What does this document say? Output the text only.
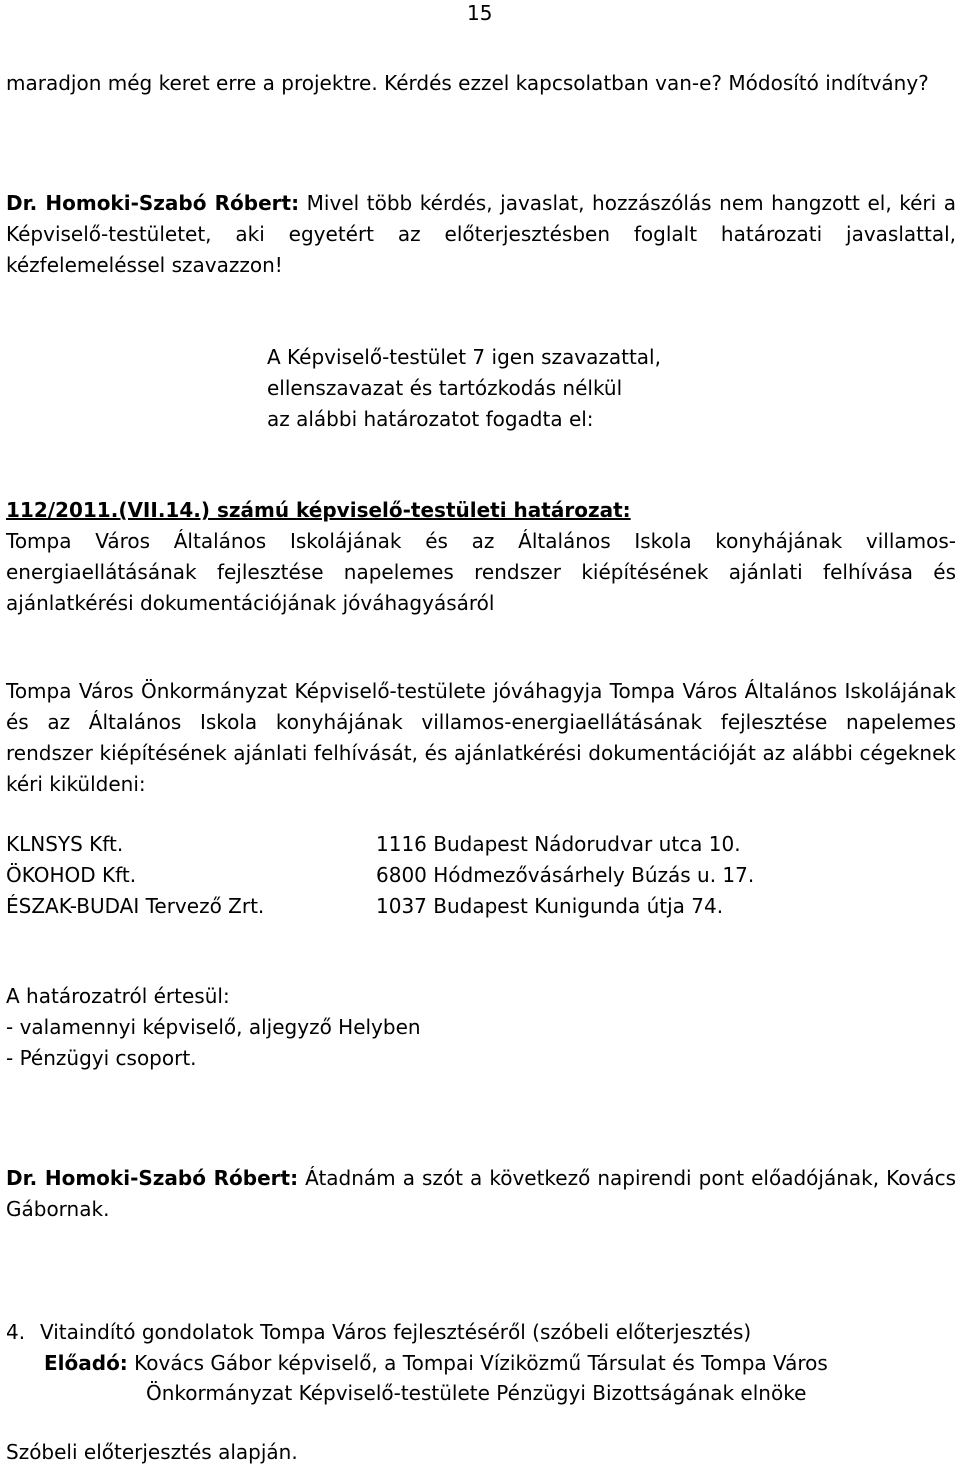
15

maradjon még keret erre a projektre. Kérdés ezzel kapcsolatban van-e? Módosító indítvány?

Dr. Homoki-Szabó Róbert: Mivel több kérdés, javaslat, hozzászólás nem hangzott el, kéri a Képviselő-testületet, aki egyetért az előterjesztésben foglalt határozati javaslattal, kézfelemeléssel szavazzon!

A Képviselő-testület 7 igen szavazattal,
ellenszavazat és tartózkodás nélkül
az alábbi határozatot fogadta el:
112/2011.(VII.14.) számú képviselő-testületi határozat:

Tompa Város Általános Iskolájának és az Általános Iskola konyhájának villamos-energiaellátásának fejlesztése napelemes rendszer kiépítésének ajánlati felhívása és ajánlatkérési dokumentációjának jóváhagyásáról

Tompa Város Önkormányzat Képviselő-testülete jóváhagyja Tompa Város Általános Iskolájának és az Általános Iskola konyhájának villamos-energiaellátásának fejlesztése napelemes rendszer kiépítésének ajánlati felhívását, és ajánlatkérési dokumentációját az alábbi cégeknek kéri kiküldeni:

KLNSYS Kft.	1116 Budapest Nádorudvar utca 10.
ÖKOHOD Kft.	6800 Hódmezővásárhely Búzás u. 17.
ÉSZAK-BUDAI Tervező Zrt.	1037 Budapest Kunigunda útja 74.
A határozatról értesül:
- valamennyi képviselő, aljegyző Helyben
- Pénzügyi csoport.

Dr. Homoki-Szabó Róbert: Átadnám a szót a következő napirendi pont előadójának, Kovács Gábornak.

4. Vitaindító gondolatok Tompa Város fejlesztéséről (szóbeli előterjesztés)
Előadó: Kovács Gábor képviselő, a Tompai Víziközmű Társulat és Tompa Város
Önkormányzat Képviselő-testülete Pénzügyi Bizottságának elnöke
Szóbeli előterjesztés alapján.
